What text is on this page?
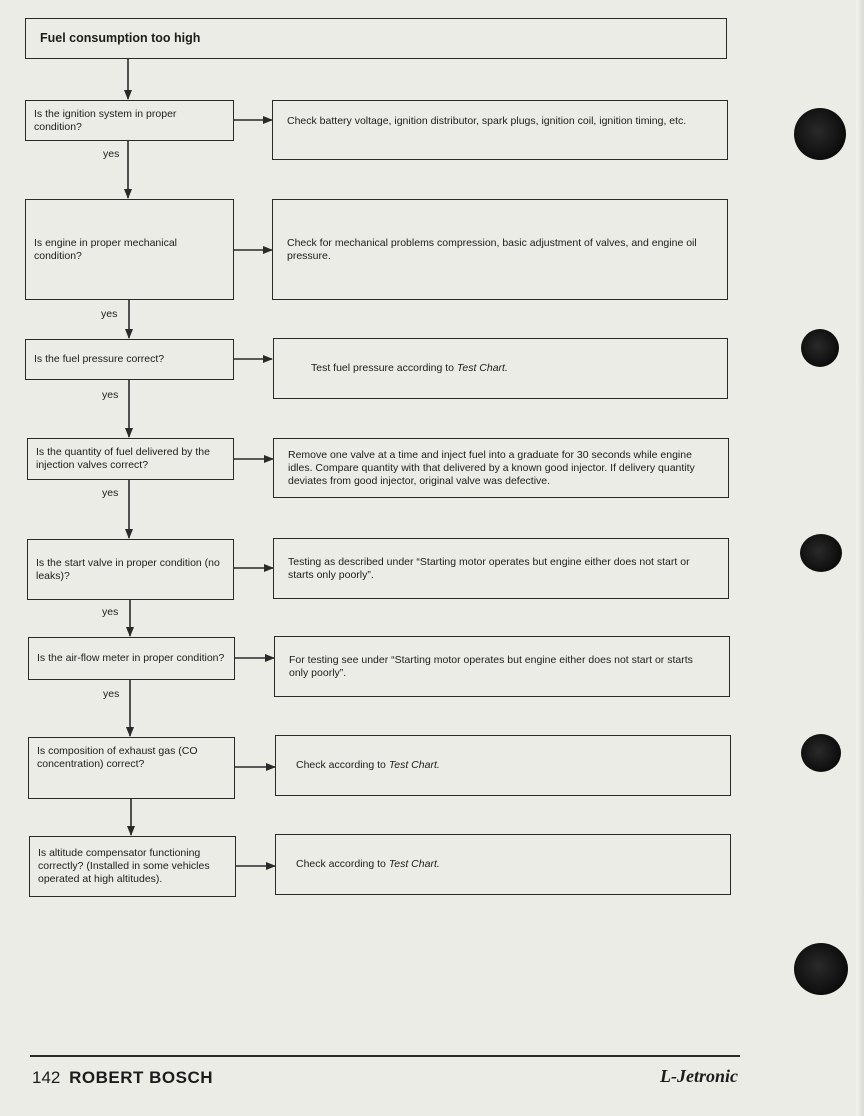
Fuel consumption too high
Is the ignition system in proper condition?	Check battery voltage, ignition distributor, spark plugs, ignition coil, ignition timing, etc.
yes
Is engine in proper mechanical condition?
Check for mechanical problems compression, basic adjustment of valves, and engine oil pressure.
yes
Is the fuel pressure correct?
Test fuel pressure according to Test Chart.
yes
Is the quantity of fuel delivered by the injection valves correct?
Remove one valve at a time and inject fuel into a graduate for 30 seconds while engine idles. Compare quantity with that delivered by a known good injector. If delivery quantity deviates from good injector, original valve was defective.
yes
Is the start valve in proper condition (no leaks)?
Testing as described under “Starting motor operates but engine either does not start or starts only poorly”.
yes
Is the air-flow meter in proper condition?	For testing see under “Starting motor operates but engine either does not start or starts only poorly”.
yes
Is composition of exhaust gas (CO concentration) correct?	Check according to Test Chart.
Is altitude compensator functioning correctly? (Installed in some vehicles operated at high altitudes).
Check according to Test Chart.
142 ROBERT BOSCH	L-Jetronic
